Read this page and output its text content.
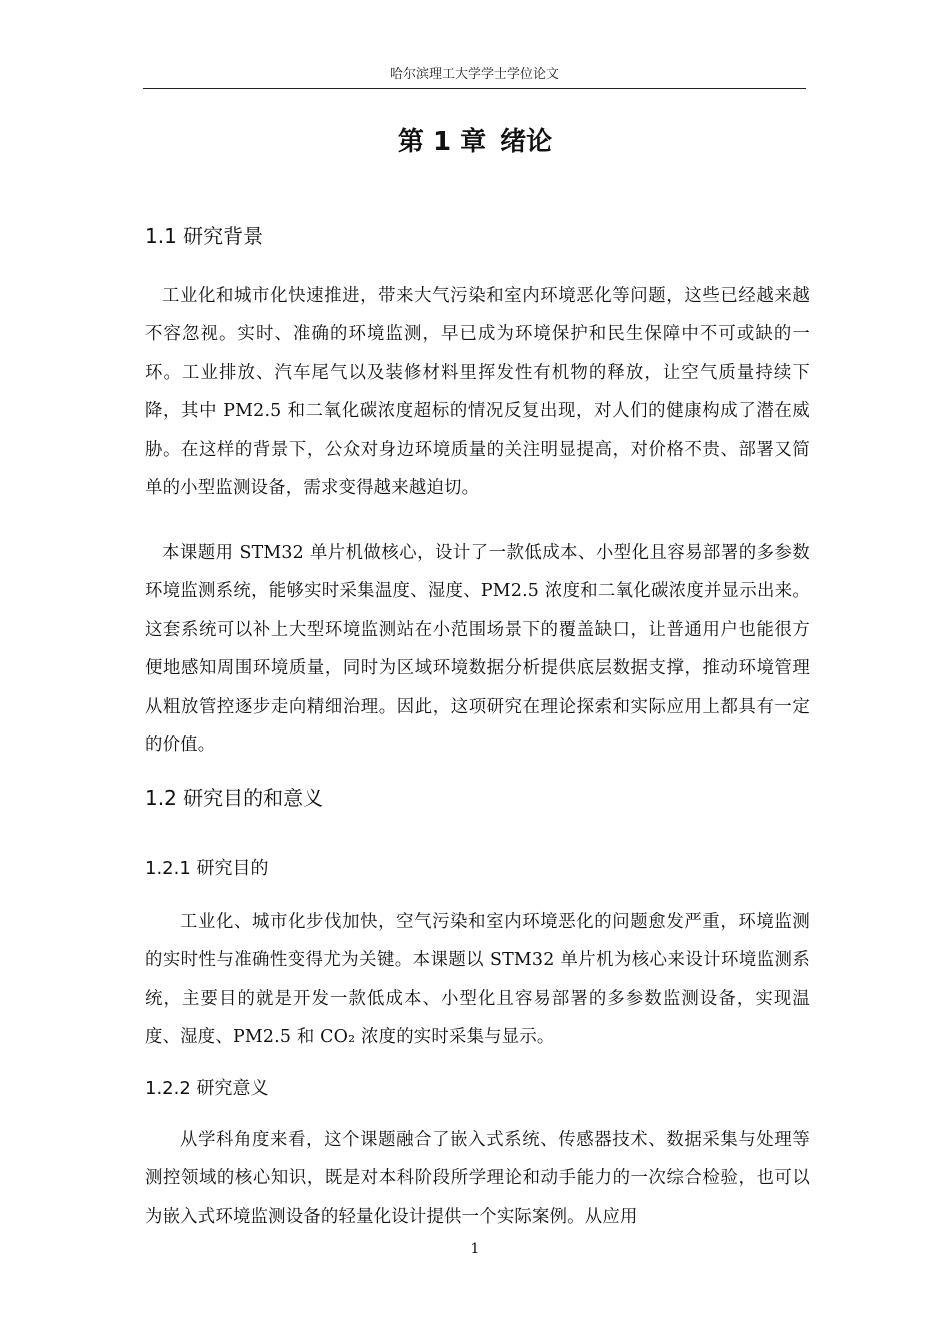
哈尔滨理工大学学士学位论文
第 1 章 绪论
1.1 研究背景

工业化和城市化快速推进，带来大气污染和室内环境恶化等问题，这些已经越来越不容忽视。实时、准确的环境监测，早已成为环境保护和民生保障中不可或缺的一环。工业排放、汽车尾气以及装修材料里挥发性有机物的释放，让空气质量持续下降，其中 PM2.5 和二氧化碳浓度超标的情况反复出现，对人们的健康构成了潜在威胁。在这样的背景下，公众对身边环境质量的关注明显提高，对价格不贵、部署又简单的小型监测设备，需求变得越来越迫切。

本课题用 STM32 单片机做核心，设计了一款低成本、小型化且容易部署的多参数环境监测系统，能够实时采集温度、湿度、PM2.5 浓度和二氧化碳浓度并显示出来。这套系统可以补上大型环境监测站在小范围场景下的覆盖缺口，让普通用户也能很方便地感知周围环境质量，同时为区域环境数据分析提供底层数据支撑，推动环境管理从粗放管控逐步走向精细治理。因此，这项研究在理论探索和实际应用上都具有一定的价值。

1.2 研究目的和意义
1.2.1 研究目的

工业化、城市化步伐加快，空气污染和室内环境恶化的问题愈发严重，环境监测的实时性与准确性变得尤为关键。本课题以 STM32 单片机为核心来设计环境监测系统，主要目的就是开发一款低成本、小型化且容易部署的多参数监测设备，实现温度、湿度、PM2.5 和 CO₂ 浓度的实时采集与显示。

1.2.2 研究意义

从学科角度来看，这个课题融合了嵌入式系统、传感器技术、数据采集与处理等测控领域的核心知识，既是对本科阶段所学理论和动手能力的一次综合检验，也可以为嵌入式环境监测设备的轻量化设计提供一个实际案例。从应用

1
